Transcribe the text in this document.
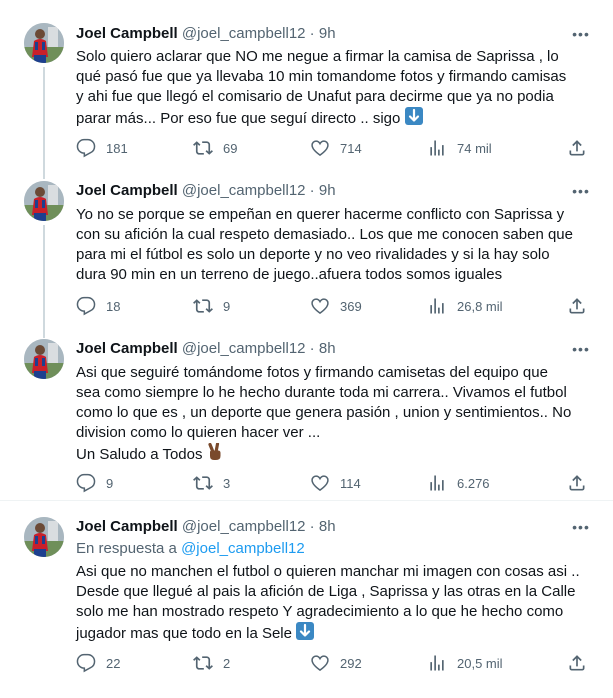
Joel Campbell @joel_campbell12 · 9h	•••

Solo quiero aclarar que NO me negue a firmar la camisa de Saprissa , lo

qué pasó fue que ya llevaba 10 min tomandome fotos y firmando camisas

y ahi fue que llegó el comisario de Unafut para decirme que ya no podia

parar más... Por eso fue que seguí directo .. sigo

181	69	714	74 mil
Joel Campbell @joel_campbell12 · 9h	•••

Yo no se porque se empeñan en querer hacerme conflicto con Saprissa y

con su afición la cual respeto demasiado.. Los que me conocen saben que

para mi el fútbol es solo un deporte y no veo rivalidades y si la hay solo

dura 90 min en un terreno de juego..afuera todos somos iguales

18	9	369	26,8 mil
Joel Campbell @joel_campbell12 · 8h	•••

Asi que seguiré tomándome fotos y firmando camisetas del equipo que

sea como siempre lo he hecho durante toda mi carrera.. Vivamos el futbol

como lo que es , un deporte que genera pasión , union y sentimientos.. No

division como lo quieren hacer ver ...

Un Saludo a Todos

9	3	114	6.276
Joel Campbell @joel_campbell12 · 8h	•••
En respuesta a @joel_campbell12

Asi que no manchen el futbol o quieren manchar mi imagen con cosas asi ..

Desde que llegué al pais la afición de Liga , Saprissa y las otras en la Calle

solo me han mostrado respeto Y agradecimiento a lo que he hecho como

jugador mas que todo en la Sele

22	2	292	20,5 mil
